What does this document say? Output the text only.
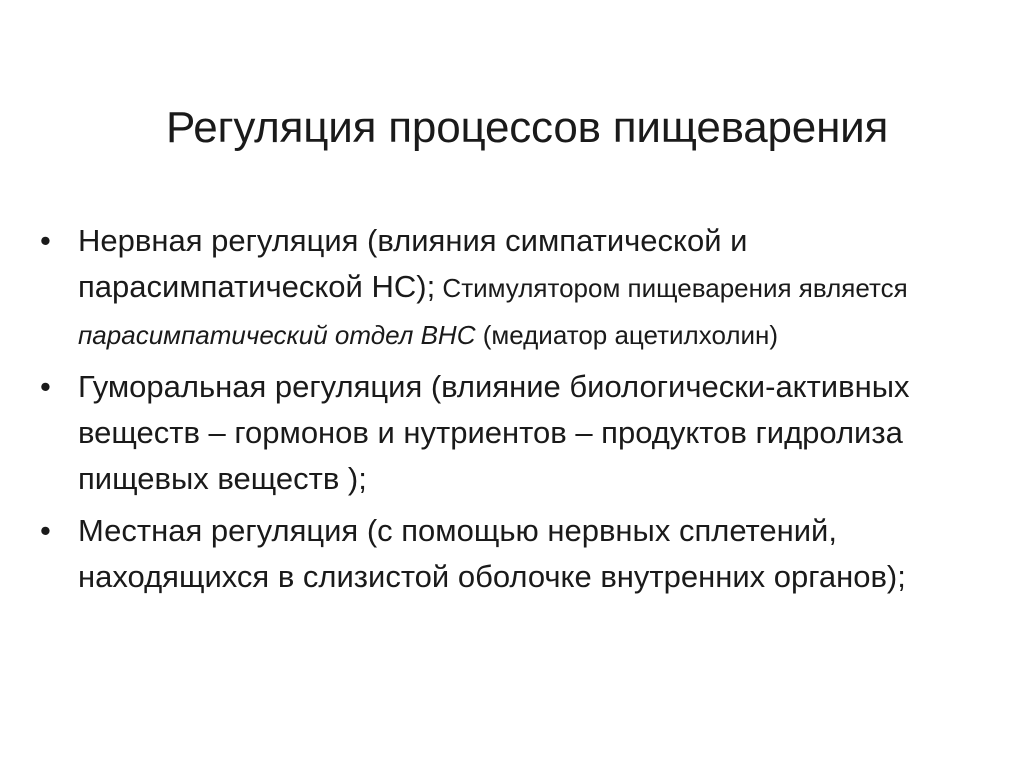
Регуляция процессов пищеварения
• Нервная регуляция (влияния симпатической и парасимпатической НС); Стимулятором пищеварения является парасимпатический отдел ВНС (медиатор ацетилхолин)
• Гуморальная регуляция (влияние биологически-активных веществ – гормонов и нутриентов – продуктов гидролиза пищевых веществ );
• Местная регуляция (с помощью нервных сплетений, находящихся в слизистой оболочке внутренних органов);
